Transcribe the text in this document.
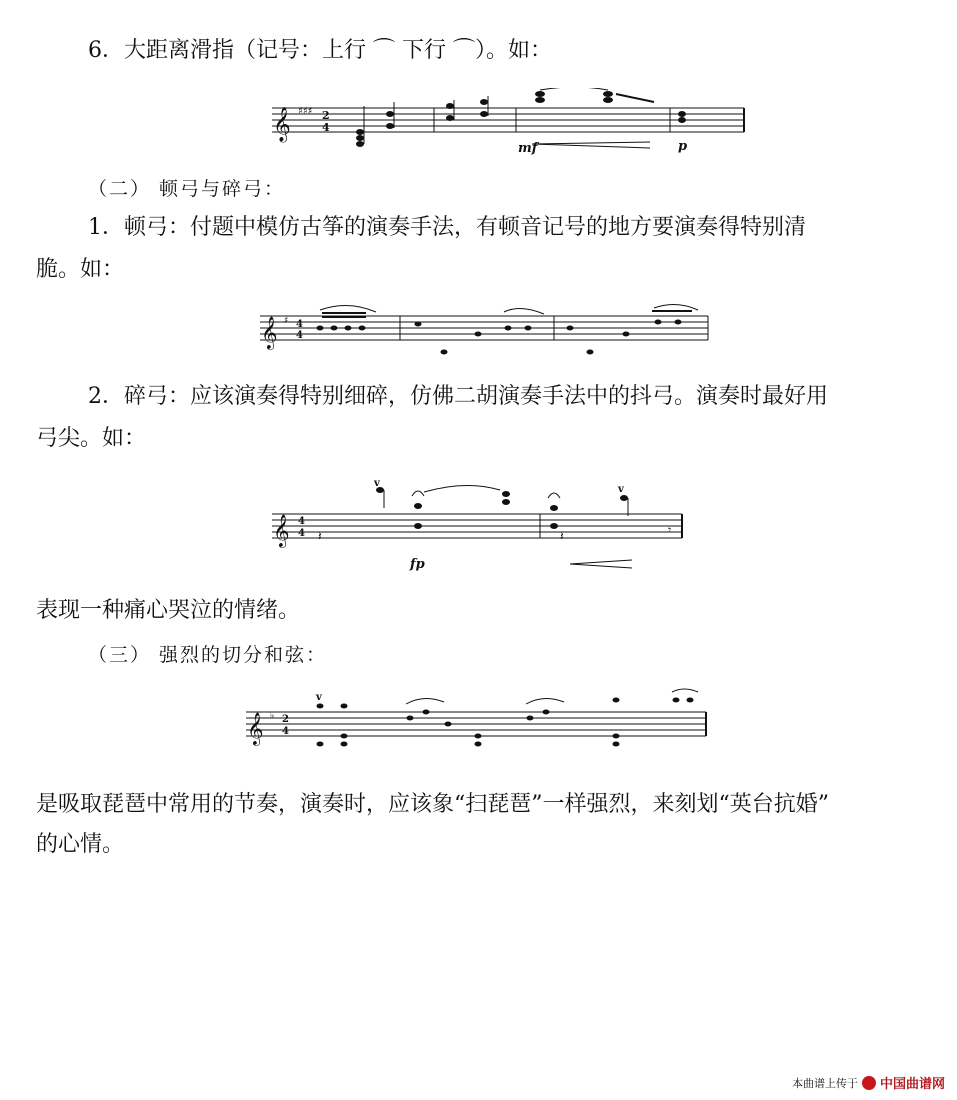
6．大距离滑指（记号：上行 ⌒ 下行 ⌒）。如：
𝄞 ♯♯♯ 2
4
mf	p
（二） 顿弓与碎弓：
1．顿弓：付题中模仿古筝的演奏手法，有顿音记号的地方要演奏得特别清
脆。如：
𝄞 ♯ 4
4
2．碎弓：应该演奏得特别细碎，仿佛二胡演奏手法中的抖弓。演奏时最好用
弓尖。如：
𝄞 4
4
v
v
𝄽	𝄽	𝄾
fp
表现一种痛心哭泣的情绪。
（三） 强烈的切分和弦：
𝄞 ♭ 2
4
v
是吸取琵琶中常用的节奏，演奏时，应该象“扫琵琶”一样强烈，来刻划“英台抗婚”
的心情。
本曲谱上传于 中国曲谱网
